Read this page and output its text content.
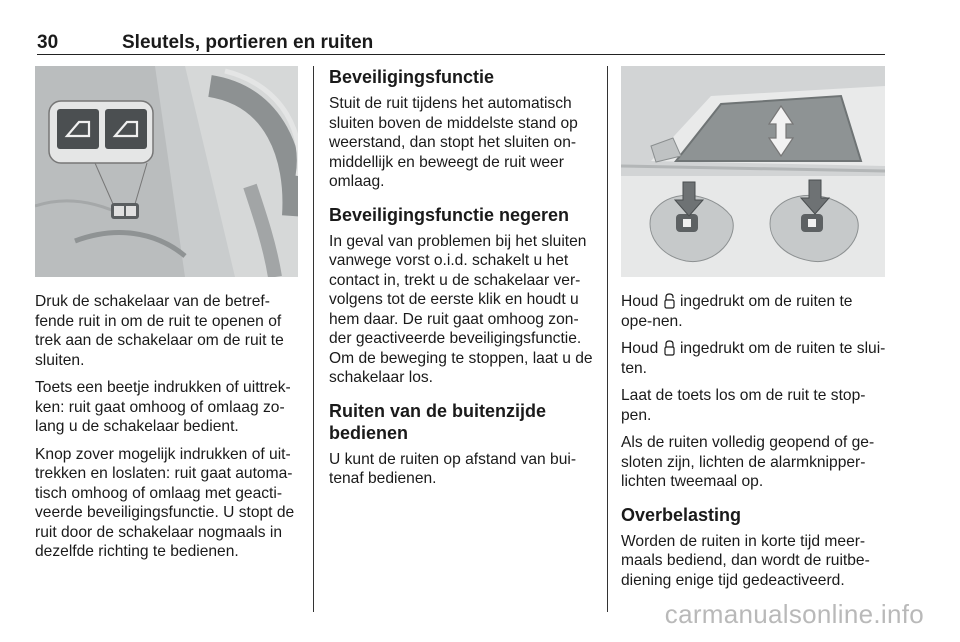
30	Sleutels, portieren en ruiten

Druk de schakelaar van de betref-fende ruit in om de ruit te openen of trek aan de schakelaar om de ruit te sluiten.

Toets een beetje indrukken of uittrek-ken: ruit gaat omhoog of omlaag zo-lang u de schakelaar bedient.

Knop zover mogelijk indrukken of uit-trekken en loslaten: ruit gaat automa-tisch omhoog of omlaag met geacti-veerde beveiligingsfunctie. U stopt de ruit door de schakelaar nogmaals in dezelfde richting te bedienen.

Beveiligingsfunctie

Stuit de ruit tijdens het automatisch sluiten boven de middelste stand op weerstand, dan stopt het sluiten on-middellijk en beweegt de ruit weer omlaag.

Beveiligingsfunctie negeren

In geval van problemen bij het sluiten vanwege vorst o.i.d. schakelt u het contact in, trekt u de schakelaar ver-volgens tot de eerste klik en houdt u hem daar. De ruit gaat omhoog zon-der geactiveerde beveiligingsfunctie. Om de beweging te stoppen, laat u de schakelaar los.

Ruiten van de buitenzijde bedienen

U kunt de ruiten op afstand van bui-tenaf bedienen.

Houd  ingedrukt om de ruiten te ope-nen.

Houd  ingedrukt om de ruiten te slui-ten.

Laat de toets los om de ruit te stop-pen.

Als de ruiten volledig geopend of ge-sloten zijn, lichten de alarmknipper-lichten tweemaal op.

Overbelasting

Worden de ruiten in korte tijd meer-maals bediend, dan wordt de ruitbe-diening enige tijd gedeactiveerd.

carmanualsonline.info
